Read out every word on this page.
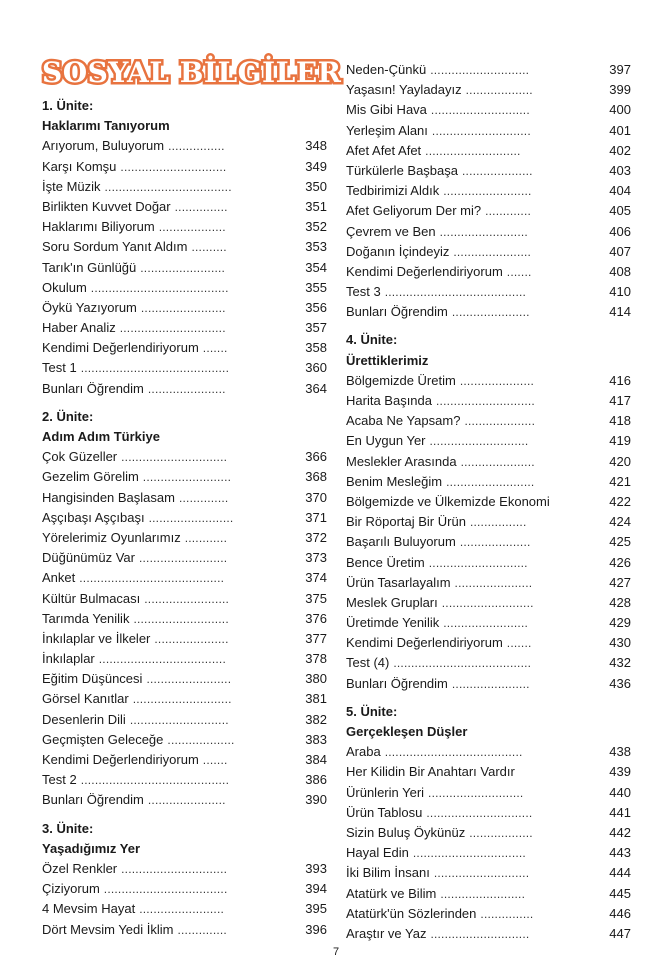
SOSYAL BİLGİLER
1. Ünite:
Haklarımı Tanıyorum
Arıyorum, Buluyorum ................	348
Karşı Komşu ..............................	349
İşte Müzik ....................................	350
Birlikten Kuvvet Doğar ...............	351
Haklarımı Biliyorum ...................	352
Soru Sordum Yanıt Aldım ..........	353
Tarık'ın Günlüğü ........................	354
Okulum .......................................	355
Öykü Yazıyorum ........................	356
Haber Analiz ..............................	357
Kendimi Değerlendiriyorum .......	358
Test 1 ..........................................	360
Bunları Öğrendim ......................	364
2. Ünite:
Adım Adım Türkiye
Çok Güzeller ..............................	366
Gezelim Görelim .........................	368
Hangisinden Başlasam ..............	370
Aşçıbaşı Aşçıbaşı ........................	371
Yörelerimiz Oyunlarımız ............	372
Düğünümüz Var .........................	373
Anket .........................................	374
Kültür Bulmacası ........................	375
Tarımda Yenilik ...........................	376
İnkılaplar ve İlkeler .....................	377
İnkılaplar ....................................	378
Eğitim Düşüncesi ........................	380
Görsel Kanıtlar ............................	381
Desenlerin Dili ............................	382
Geçmişten Geleceğe ...................	383
Kendimi Değerlendiriyorum .......	384
Test 2 ..........................................	386
Bunları Öğrendim ......................	390
3. Ünite:
Yaşadığımız Yer
Özel Renkler ..............................	393
Çiziyorum ...................................	394
4 Mevsim Hayat ........................	395
Dört Mevsim Yedi İklim ..............	396
Neden-Çünkü ............................	397
Yaşasın! Yayladayız ...................	399
Mis Gibi Hava ............................	400
Yerleşim Alanı ............................	401
Afet Afet Afet ...........................	402
Türkülerle Başbaşa ....................	403
Tedbirimizi Aldık .........................	404
Afet Geliyorum Der mi? .............	405
Çevrem ve Ben .........................	406
Doğanın İçindeyiz ......................	407
Kendimi Değerlendiriyorum .......	408
Test 3 ........................................	410
Bunları Öğrendim ......................	414
4. Ünite:
Ürettiklerimiz
Bölgemizde Üretim .....................	416
Harita Başında ............................	417
Acaba Ne Yapsam? ....................	418
En Uygun Yer ............................	419
Meslekler Arasında .....................	420
Benim Mesleğim .........................	421
Bölgemizde ve Ülkemizde Ekonomi	422
Bir Röportaj Bir Ürün ................	424
Başarılı Buluyorum ....................	425
Bence Üretim ............................	426
Ürün Tasarlayalım ......................	427
Meslek Grupları ..........................	428
Üretimde Yenilik ........................	429
Kendimi Değerlendiriyorum .......	430
Test (4) .......................................	432
Bunları Öğrendim ......................	436
5. Ünite:
Gerçekleşen Düşler
Araba .......................................	438
Her Kilidin Bir Anahtarı Vardır	439
Ürünlerin Yeri ...........................	440
Ürün Tablosu ..............................	441
Sizin Buluş Öykünüz ..................	442
Hayal Edin ................................	443
İki Bilim İnsanı ...........................	444
Atatürk ve Bilim ........................	445
Atatürk'ün Sözlerinden ...............	446
Araştır ve Yaz ............................	447
7
